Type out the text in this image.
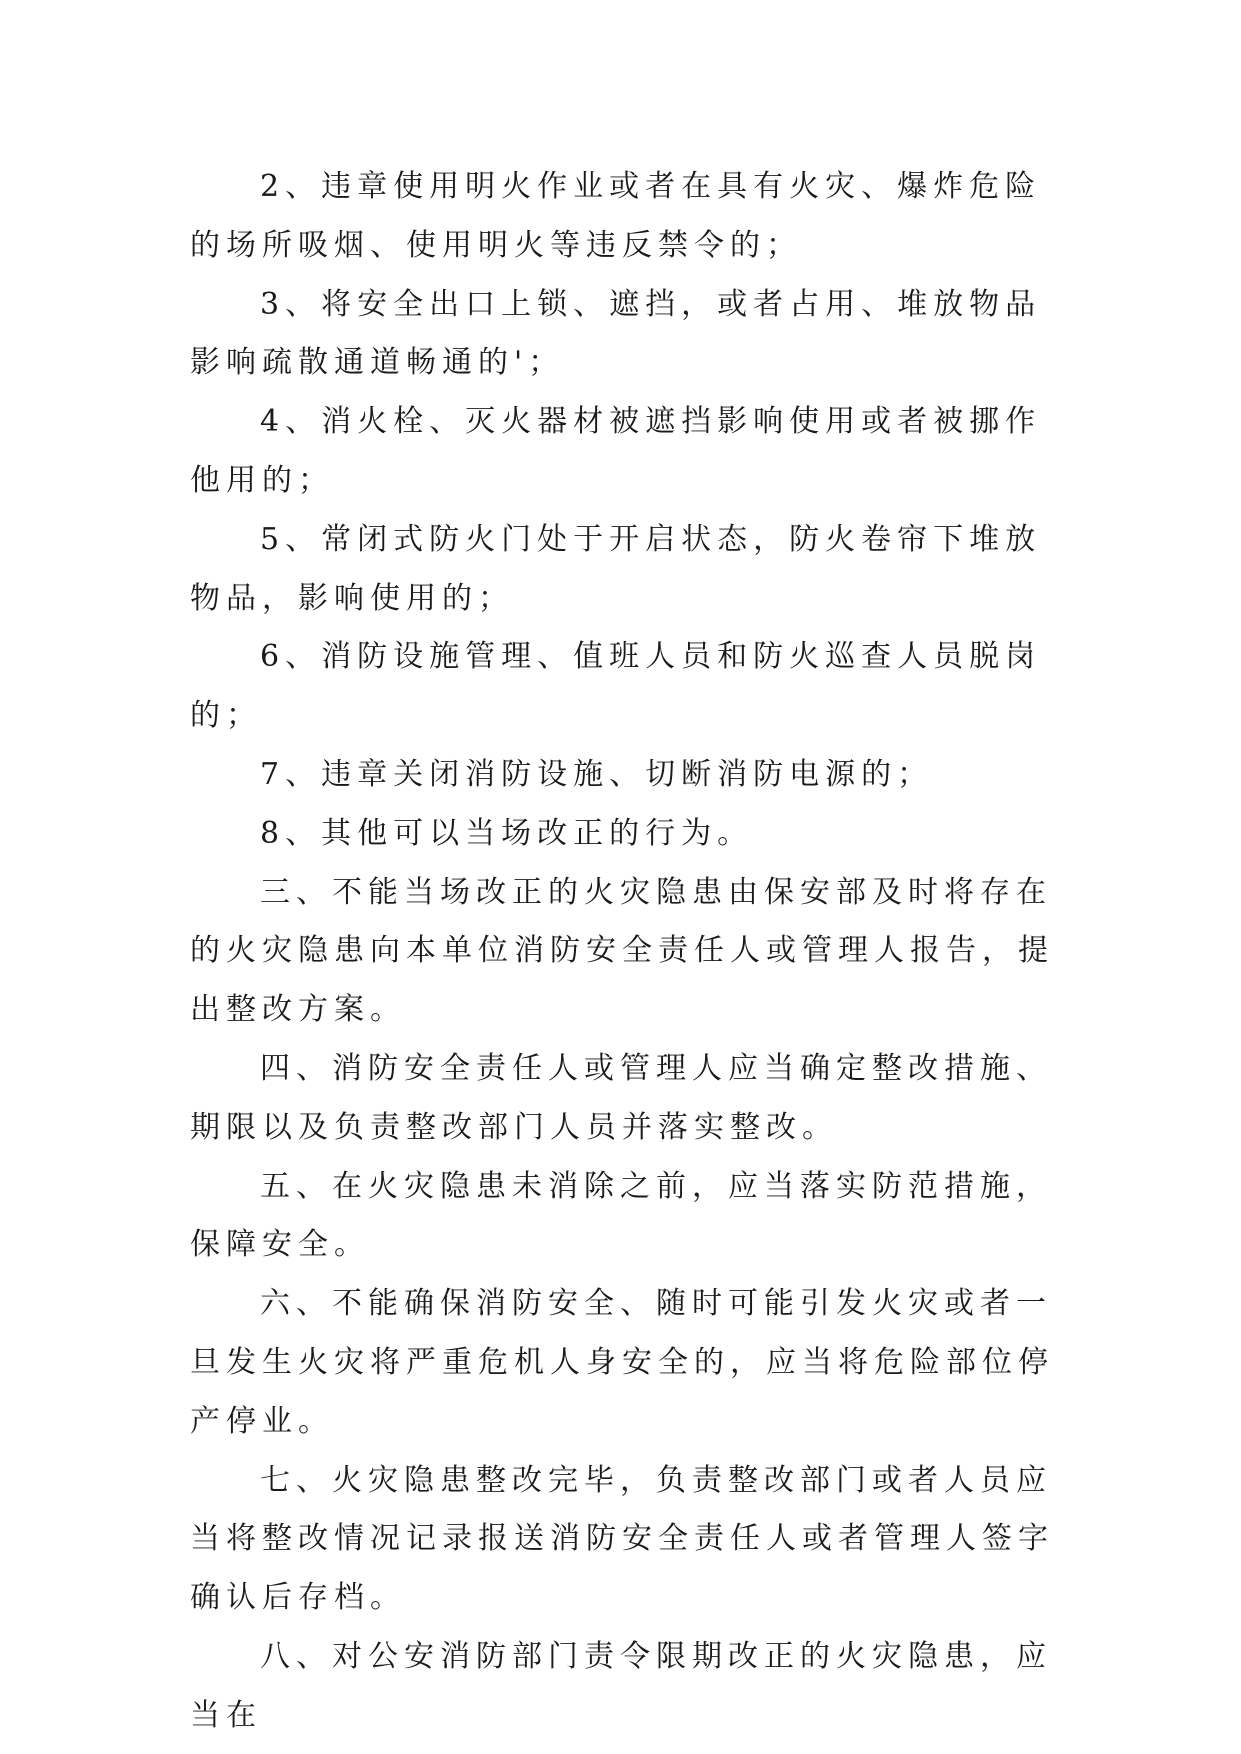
2、违章使用明火作业或者在具有火灾、爆炸危险的场所吸烟、使用明火等违反禁令的；

3、将安全出口上锁、遮挡，或者占用、堆放物品影响疏散通道畅通的'；

4、消火栓、灭火器材被遮挡影响使用或者被挪作他用的；

5、常闭式防火门处于开启状态，防火卷帘下堆放物品，影响使用的；

6、消防设施管理、值班人员和防火巡查人员脱岗的；

7、违章关闭消防设施、切断消防电源的；

8、其他可以当场改正的行为。

三、不能当场改正的火灾隐患由保安部及时将存在的火灾隐患向本单位消防安全责任人或管理人报告，提出整改方案。

四、消防安全责任人或管理人应当确定整改措施、期限以及负责整改部门人员并落实整改。

五、在火灾隐患未消除之前，应当落实防范措施，保障安全。

六、不能确保消防安全、随时可能引发火灾或者一旦发生火灾将严重危机人身安全的，应当将危险部位停产停业。

七、火灾隐患整改完毕，负责整改部门或者人员应当将整改情况记录报送消防安全责任人或者管理人签字确认后存档。

八、对公安消防部门责令限期改正的火灾隐患，应当在
